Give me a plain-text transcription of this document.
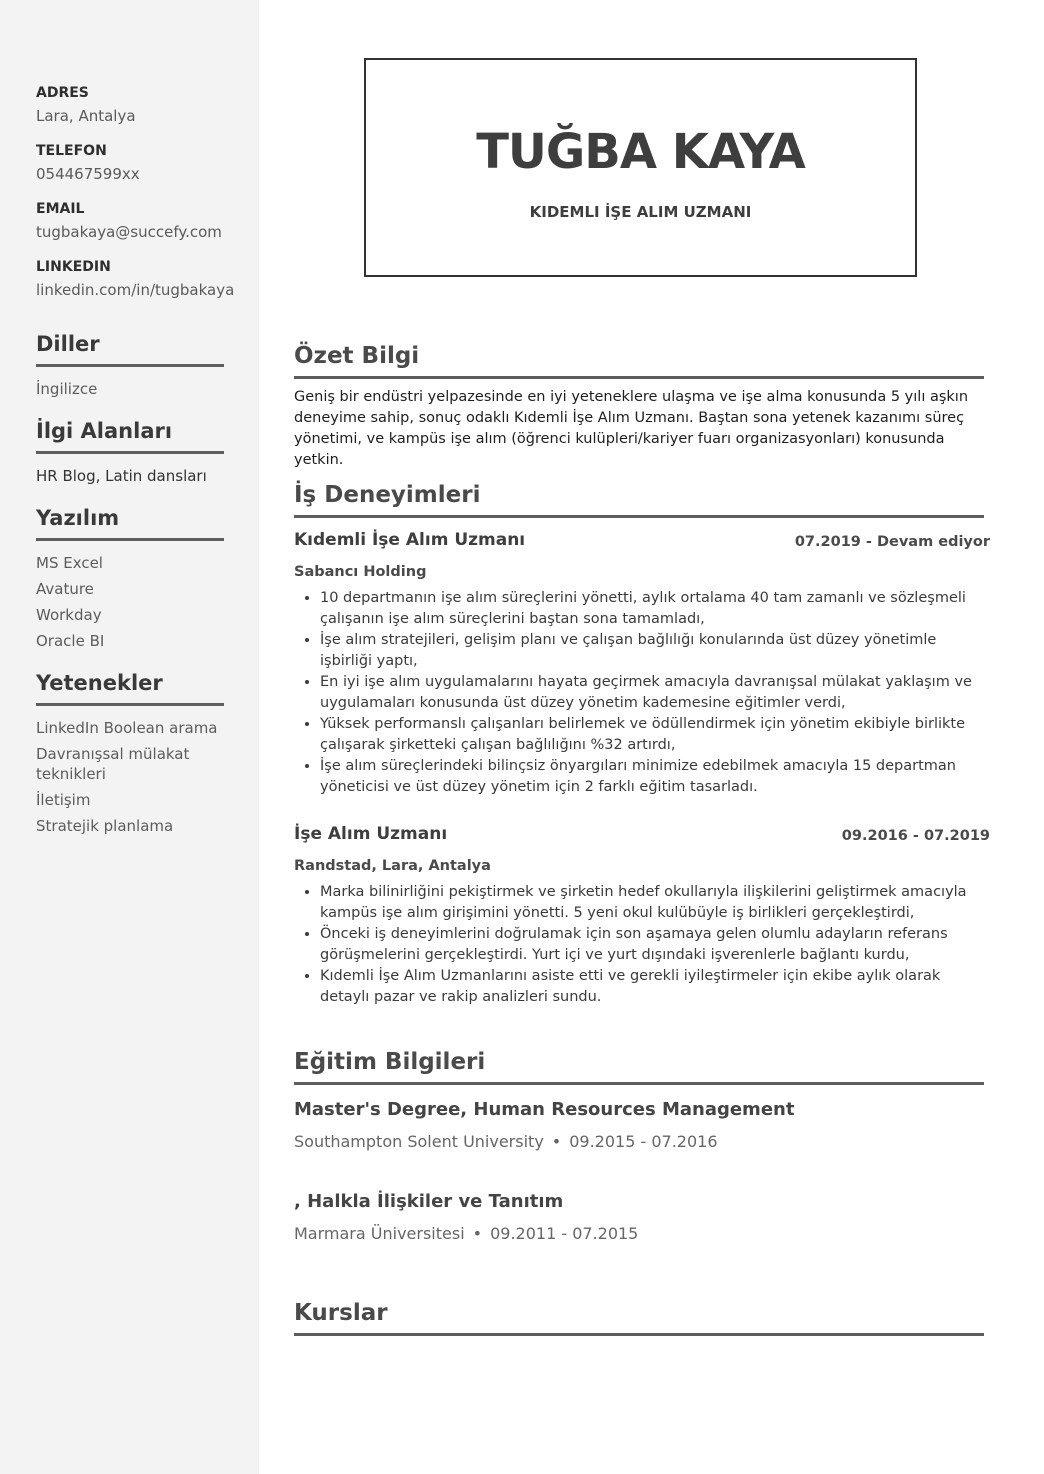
ADRES

Lara, Antalya

TELEFON

054467599xx

EMAIL

tugbakaya@succefy.com

LINKEDIN

linkedin.com/in/tugbakaya

Diller
İngilizce
İlgi Alanları
HR Blog, Latin dansları
Yazılım
MS Excel
Avature
Workday
Oracle BI
Yetenekler
LinkedIn Boolean arama
Davranışsal mülakat teknikleri
İletişim
Stratejik planlama
TUĞBA KAYA

KIDEMLI İŞE ALIM UZMANI

Özet Bilgi

Geniş bir endüstri yelpazesinde en iyi yeteneklere ulaşma ve işe alma konusunda 5 yılı aşkın deneyime sahip, sonuç odaklı Kıdemli İşe Alım Uzmanı. Baştan sona yetenek kazanımı süreç yönetimi, ve kampüs işe alım (öğrenci kulüpleri/kariyer fuarı organizasyonları) konusunda yetkin.

İş Deneyimleri
Kıdemli İşe Alım Uzmanı	07.2019 - Devam ediyor

Sabancı Holding

• 10 departmanın işe alım süreçlerini yönetti, aylık ortalama 40 tam zamanlı ve sözleşmeli çalışanın işe alım süreçlerini baştan sona tamamladı,
• İşe alım stratejileri, gelişim planı ve çalışan bağlılığı konularında üst düzey yönetimle işbirliği yaptı,
• En iyi işe alım uygulamalarını hayata geçirmek amacıyla davranışsal mülakat yaklaşım ve uygulamaları konusunda üst düzey yönetim kademesine eğitimler verdi,
• Yüksek performanslı çalışanları belirlemek ve ödüllendirmek için yönetim ekibiyle birlikte çalışarak şirketteki çalışan bağlılığını %32 artırdı,
• İşe alım süreçlerindeki bilinçsiz önyargıları minimize edebilmek amacıyla 15 departman yöneticisi ve üst düzey yönetim için 2 farklı eğitim tasarladı.
İşe Alım Uzmanı	09.2016 - 07.2019

Randstad, Lara, Antalya

• Marka bilinirliğini pekiştirmek ve şirketin hedef okullarıyla ilişkilerini geliştirmek amacıyla kampüs işe alım girişimini yönetti. 5 yeni okul kulübüyle iş birlikleri gerçekleştirdi,
• Önceki iş deneyimlerini doğrulamak için son aşamaya gelen olumlu adayların referans görüşmelerini gerçekleştirdi. Yurt içi ve yurt dışındaki işverenlerle bağlantı kurdu,
• Kıdemli İşe Alım Uzmanlarını asiste etti ve gerekli iyileştirmeler için ekibe aylık olarak detaylı pazar ve rakip analizleri sundu.
Eğitim Bilgileri

Master's Degree, Human Resources Management

Southampton Solent University • 09.2015 - 07.2016

, Halkla İlişkiler ve Tanıtım

Marmara Üniversitesi • 09.2011 - 07.2015

Kurslar
